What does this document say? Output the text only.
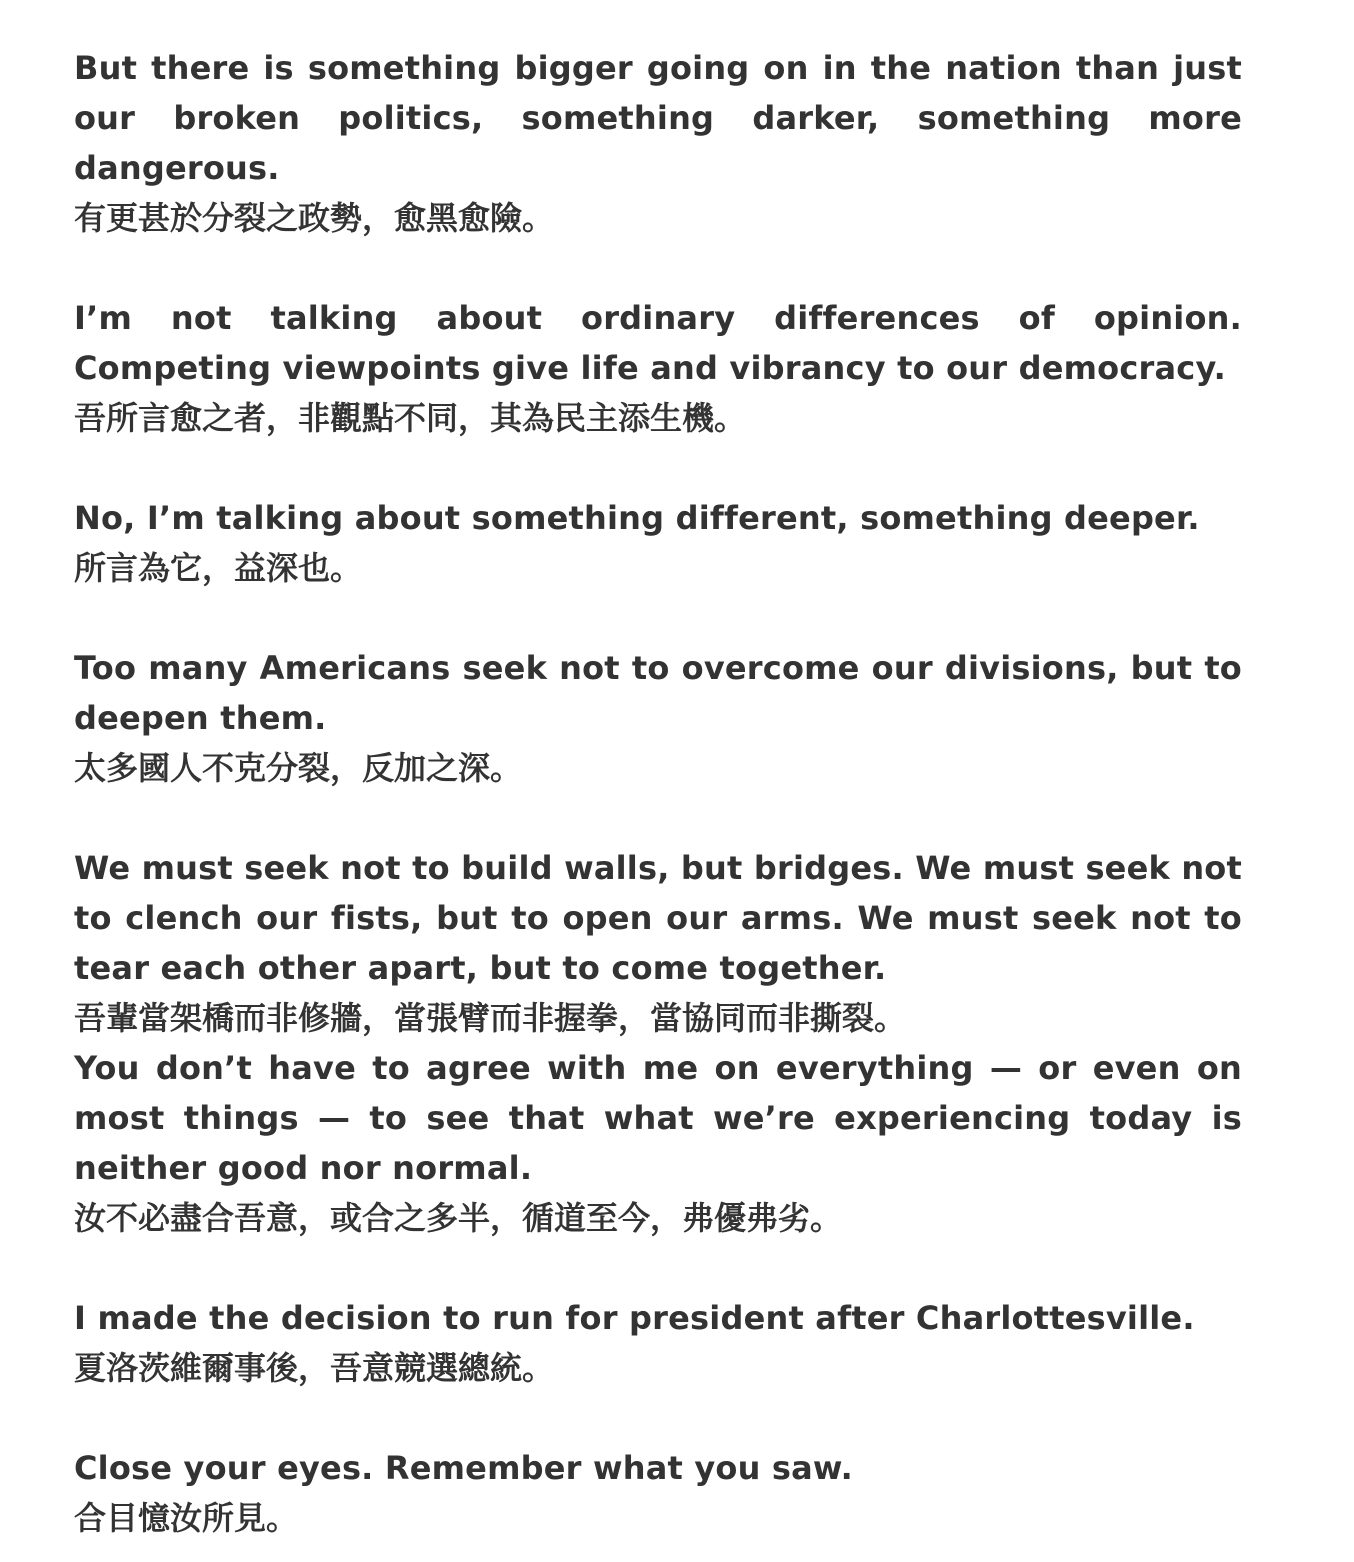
But there is something bigger going on in the nation than just our broken politics, something darker, something more dangerous.

有更甚於分裂之政勢，愈黑愈險。

I’m not talking about ordinary differences of opinion. Competing viewpoints give life and vibrancy to our democracy.

吾所言愈之者，非觀點不同，其為民主添生機。

No, I’m talking about something different, something deeper.

所言為它，益深也。

Too many Americans seek not to overcome our divisions, but to deepen them.

太多國人不克分裂，反加之深。

We must seek not to build walls, but bridges. We must seek not to clench our fists, but to open our arms. We must seek not to tear each other apart, but to come together.

吾輩當架橋而非修牆，當張臂而非握拳，當協同而非撕裂。

You don’t have to agree with me on everything — or even on most things — to see that what we’re experiencing today is neither good nor normal.

汝不必盡合吾意，或合之多半，循道至今，弗優弗劣。

I made the decision to run for president after Charlottesville.

夏洛茨維爾事後，吾意競選總統。

Close your eyes. Remember what you saw.

合目憶汝所見。
